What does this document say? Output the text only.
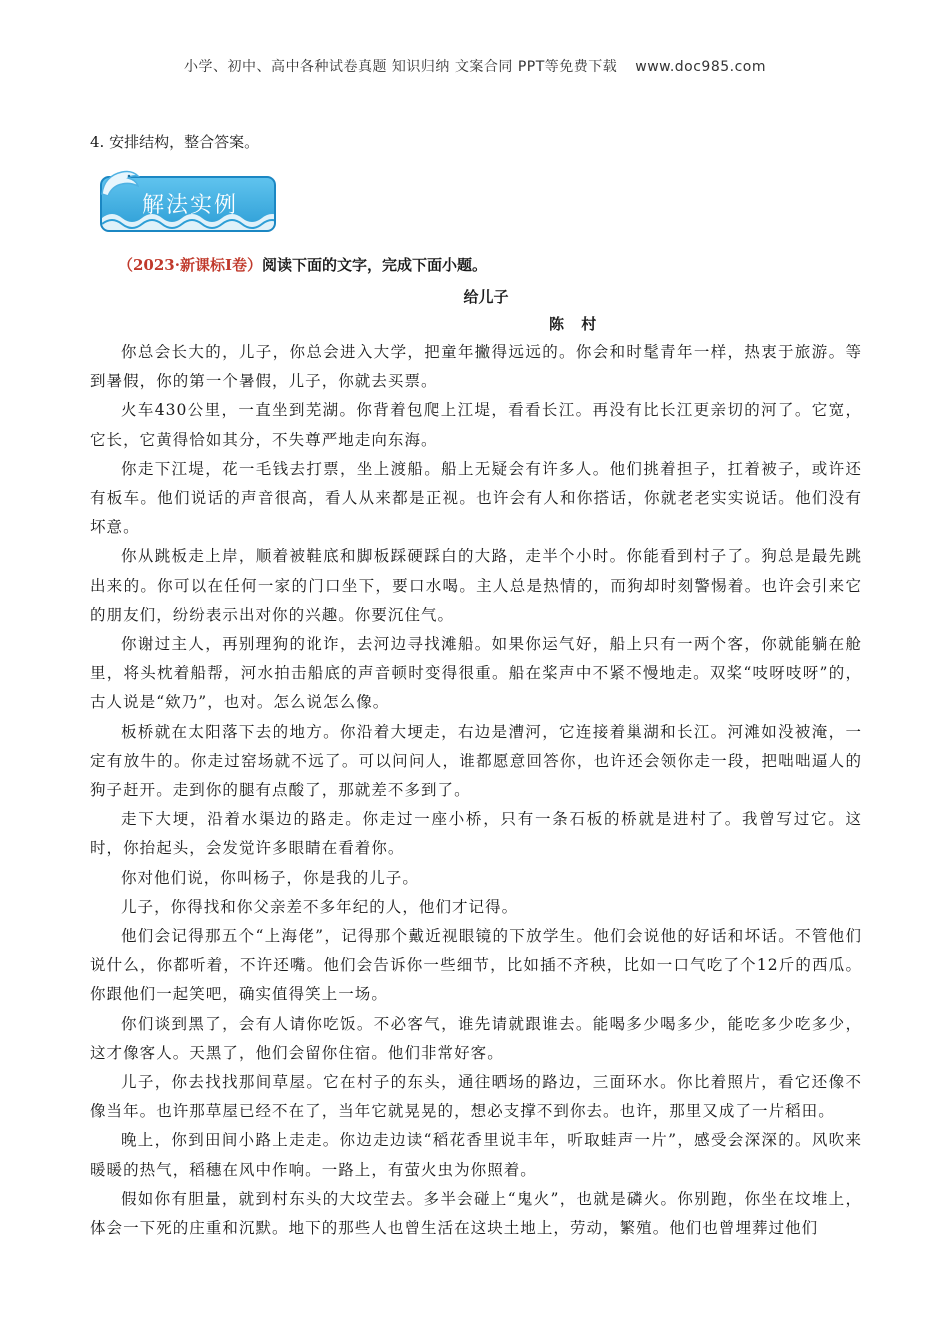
小学、初中、高中各种试卷真题 知识归纳 文案合同 PPT等免费下载 www.doc985.com
4. 安排结构，整合答案。
解法实例
（2023·新课标Ⅰ卷）阅读下面的文字，完成下面小题。
给儿子
陈 村

你总会长大的，儿子，你总会进入大学，把童年撇得远远的。你会和时髦青年一样，热衷于旅游。等到暑假，你的第一个暑假，儿子，你就去买票。

火车430公里，一直坐到芜湖。你背着包爬上江堤，看看长江。再没有比长江更亲切的河了。它宽，它长，它黄得恰如其分，不失尊严地走向东海。

你走下江堤，花一毛钱去打票，坐上渡船。船上无疑会有许多人。他们挑着担子，扛着被子，或许还有板车。他们说话的声音很高，看人从来都是正视。也许会有人和你搭话，你就老老实实说话。他们没有坏意。

你从跳板走上岸，顺着被鞋底和脚板踩硬踩白的大路，走半个小时。你能看到村子了。狗总是最先跳出来的。你可以在任何一家的门口坐下，要口水喝。主人总是热情的，而狗却时刻警惕着。也许会引来它的朋友们，纷纷表示出对你的兴趣。你要沉住气。

你谢过主人，再别理狗的讹诈，去河边寻找滩船。如果你运气好，船上只有一两个客，你就能躺在舱里，将头枕着船帮，河水拍击船底的声音顿时变得很重。船在桨声中不紧不慢地走。双桨“吱呀吱呀”的，古人说是“欸乃”，也对。怎么说怎么像。

板桥就在太阳落下去的地方。你沿着大埂走，右边是漕河，它连接着巢湖和长江。河滩如没被淹，一定有放牛的。你走过窑场就不远了。可以问问人，谁都愿意回答你，也许还会领你走一段，把咄咄逼人的狗子赶开。走到你的腿有点酸了，那就差不多到了。

走下大埂，沿着水渠边的路走。你走过一座小桥，只有一条石板的桥就是进村了。我曾写过它。这时，你抬起头，会发觉许多眼睛在看着你。

你对他们说，你叫杨子，你是我的儿子。

儿子，你得找和你父亲差不多年纪的人，他们才记得。

他们会记得那五个“上海佬”，记得那个戴近视眼镜的下放学生。他们会说他的好话和坏话。不管他们说什么，你都听着，不许还嘴。他们会告诉你一些细节，比如插不齐秧，比如一口气吃了个12斤的西瓜。你跟他们一起笑吧，确实值得笑上一场。

你们谈到黑了，会有人请你吃饭。不必客气，谁先请就跟谁去。能喝多少喝多少，能吃多少吃多少，这才像客人。天黑了，他们会留你住宿。他们非常好客。

儿子，你去找找那间草屋。它在村子的东头，通往晒场的路边，三面环水。你比着照片，看它还像不像当年。也许那草屋已经不在了，当年它就晃晃的，想必支撑不到你去。也许，那里又成了一片稻田。

晚上，你到田间小路上走走。你边走边读“稻花香里说丰年，听取蛙声一片”，感受会深深的。风吹来暖暖的热气，稻穗在风中作响。一路上，有萤火虫为你照着。

假如你有胆量，就到村东头的大坟茔去。多半会碰上“鬼火”，也就是磷火。你别跑，你坐在坟堆上，体会一下死的庄重和沉默。地下的那些人也曾生活在这块土地上，劳动，繁殖。他们也曾埋葬过他们
